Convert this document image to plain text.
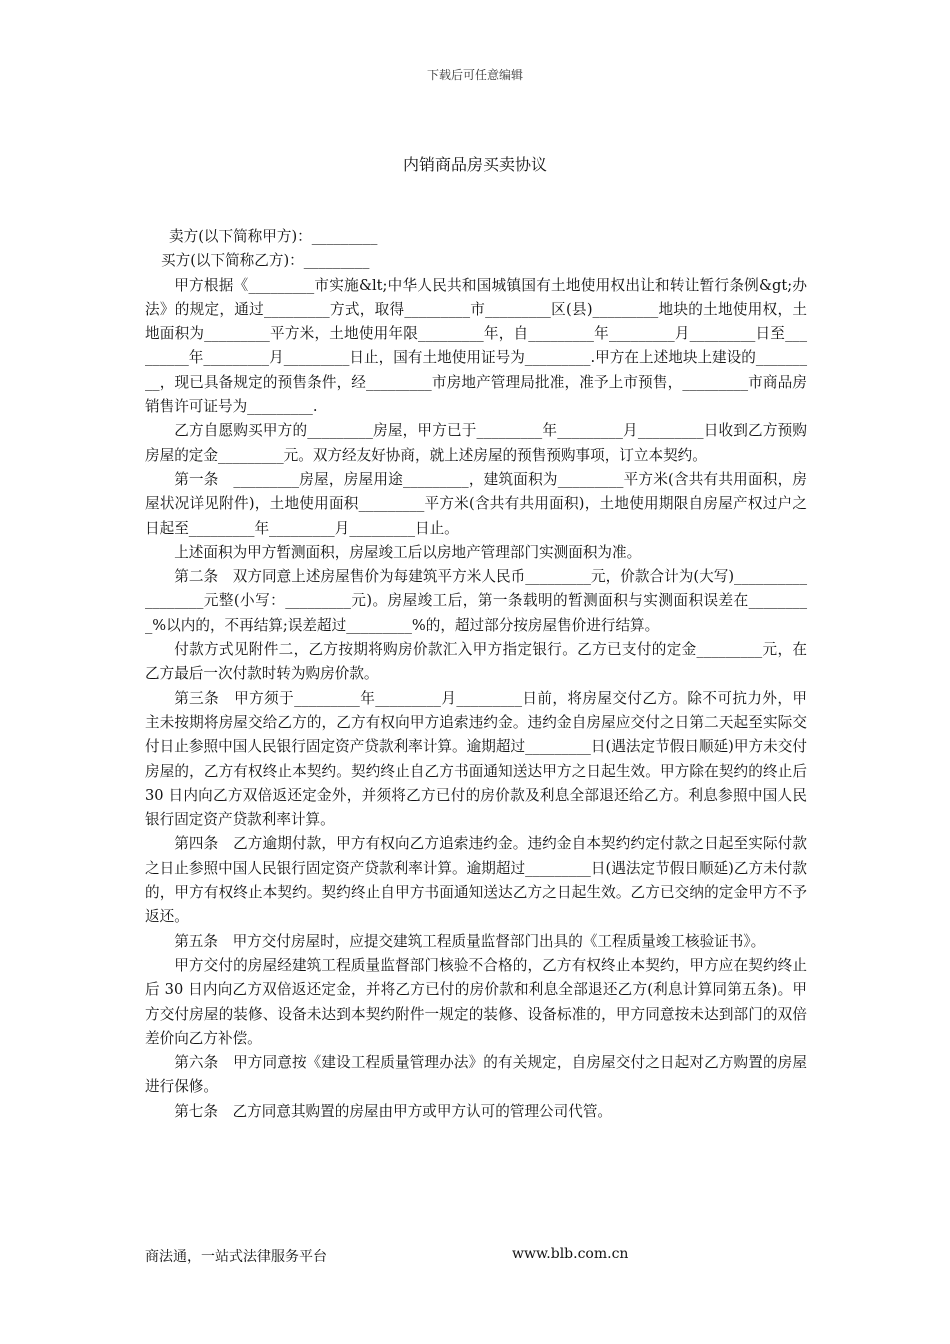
下载后可任意编辑
内销商品房买卖协议

卖方(以下简称甲方)：_________

买方(以下简称乙方)：_________

甲方根据《_________市实施&lt;中华人民共和国城镇国有土地使用权出让和转让暂行条例&gt;办法》的规定，通过_________方式，取得_________市_________区(县)_________地块的土地使用权，土地面积为_________平方米，土地使用年限_________年，自_________年_________月_________日至_________年_________月_________日止，国有土地使用证号为_________.甲方在上述地块上建设的_________，现已具备规定的预售条件，经_________市房地产管理局批准，准予上市预售，_________市商品房销售许可证号为_________.

乙方自愿购买甲方的_________房屋，甲方已于_________年_________月_________日收到乙方预购房屋的定金_________元。双方经友好协商，就上述房屋的预售预购事项，订立本契约。

第一条　_________房屋，房屋用途_________，建筑面积为_________平方米(含共有共用面积，房屋状况详见附件)，土地使用面积_________平方米(含共有共用面积)，土地使用期限自房屋产权过户之日起至_________年_________月_________日止。

上述面积为甲方暂测面积，房屋竣工后以房地产管理部门实测面积为准。

第二条　双方同意上述房屋售价为每建筑平方米人民币_________元，价款合计为(大写)__________________元整(小写：_________元)。房屋竣工后，第一条载明的暂测面积与实测面积误差在_________%以内的，不再结算;误差超过_________%的，超过部分按房屋售价进行结算。

付款方式见附件二，乙方按期将购房价款汇入甲方指定银行。乙方已支付的定金_________元，在乙方最后一次付款时转为购房价款。

第三条　甲方须于_________年_________月_________日前，将房屋交付乙方。除不可抗力外，甲主未按期将房屋交给乙方的，乙方有权向甲方追索违约金。违约金自房屋应交付之日第二天起至实际交付日止参照中国人民银行固定资产贷款利率计算。逾期超过_________日(遇法定节假日顺延)甲方未交付房屋的，乙方有权终止本契约。契约终止自乙方书面通知送达甲方之日起生效。甲方除在契约的终止后 30 日内向乙方双倍返还定金外，并须将乙方已付的房价款及利息全部退还给乙方。利息参照中国人民银行固定资产贷款利率计算。

第四条　乙方逾期付款，甲方有权向乙方追索违约金。违约金自本契约约定付款之日起至实际付款之日止参照中国人民银行固定资产贷款利率计算。逾期超过_________日(遇法定节假日顺延)乙方未付款的，甲方有权终止本契约。契约终止自甲方书面通知送达乙方之日起生效。乙方已交纳的定金甲方不予返还。

第五条　甲方交付房屋时，应提交建筑工程质量监督部门出具的《工程质量竣工核验证书》。

甲方交付的房屋经建筑工程质量监督部门核验不合格的，乙方有权终止本契约，甲方应在契约终止后 30 日内向乙方双倍返还定金，并将乙方已付的房价款和利息全部退还乙方(利息计算同第五条)。甲方交付房屋的装修、设备未达到本契约附件一规定的装修、设备标准的，甲方同意按未达到部门的双倍差价向乙方补偿。

第六条　甲方同意按《建设工程质量管理办法》的有关规定，自房屋交付之日起对乙方购置的房屋进行保修。

第七条　乙方同意其购置的房屋由甲方或甲方认可的管理公司代管。

商法通，一站式法律服务平台	www.blb.com.cn
